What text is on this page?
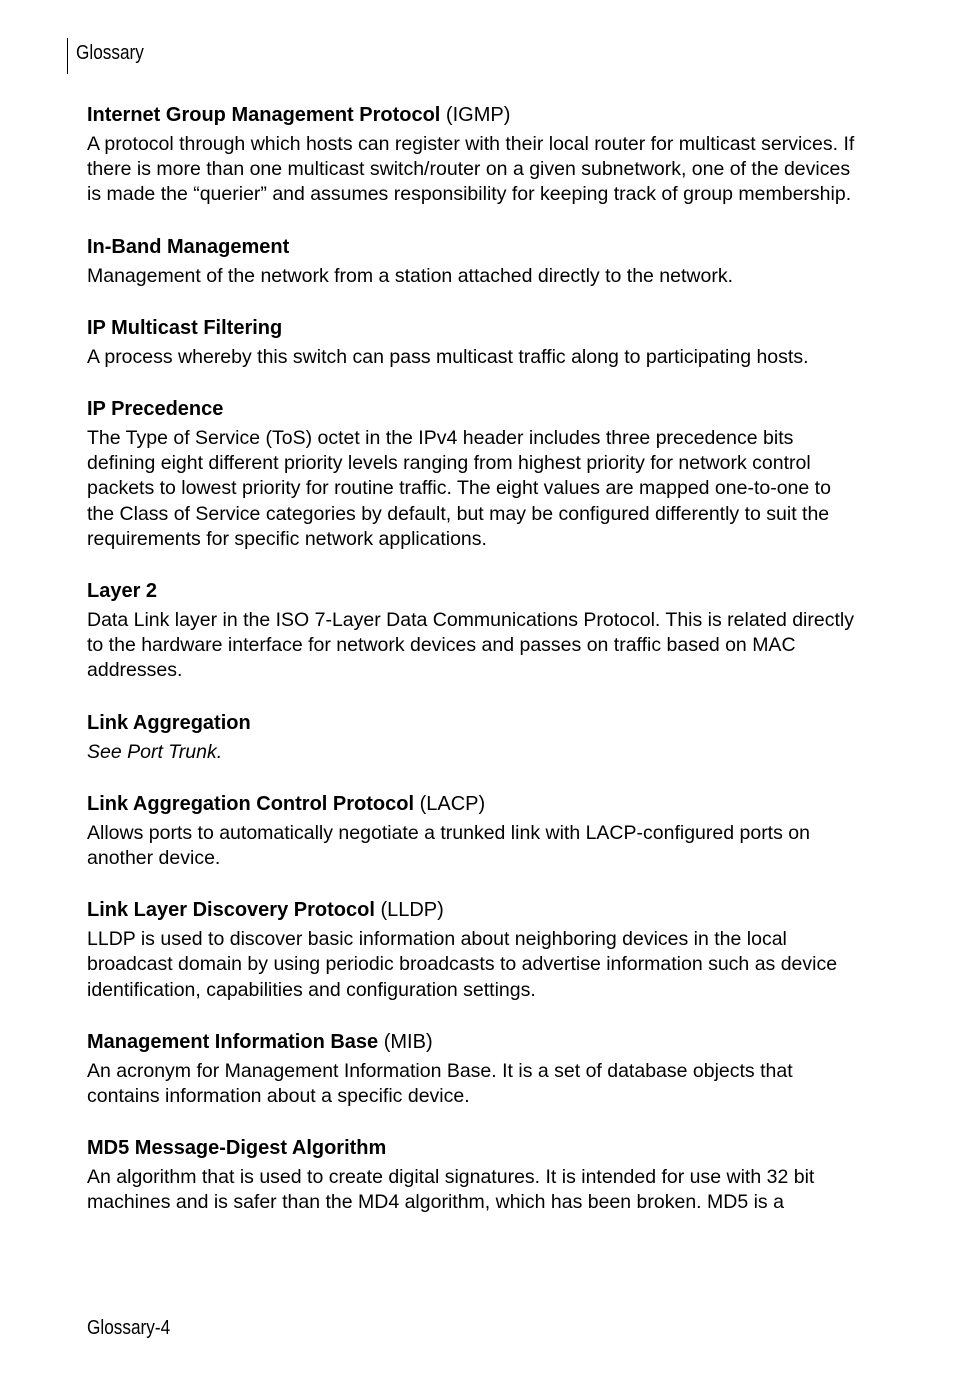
Glossary
Internet Group Management Protocol (IGMP)

A protocol through which hosts can register with their local router for multicast services. If there is more than one multicast switch/router on a given subnetwork, one of the devices is made the “querier” and assumes responsibility for keeping track of group membership.

In-Band Management

Management of the network from a station attached directly to the network.

IP Multicast Filtering

A process whereby this switch can pass multicast traffic along to participating hosts.

IP Precedence

The Type of Service (ToS) octet in the IPv4 header includes three precedence bits defining eight different priority levels ranging from highest priority for network control packets to lowest priority for routine traffic. The eight values are mapped one-to-one to the Class of Service categories by default, but may be configured differently to suit the requirements for specific network applications.

Layer 2

Data Link layer in the ISO 7-Layer Data Communications Protocol. This is related directly to the hardware interface for network devices and passes on traffic based on MAC addresses.

Link Aggregation

See Port Trunk.

Link Aggregation Control Protocol (LACP)

Allows ports to automatically negotiate a trunked link with LACP-configured ports on another device.

Link Layer Discovery Protocol (LLDP)

LLDP is used to discover basic information about neighboring devices in the local broadcast domain by using periodic broadcasts to advertise information such as device identification, capabilities and configuration settings.

Management Information Base (MIB)

An acronym for Management Information Base. It is a set of database objects that contains information about a specific device.

MD5 Message-Digest Algorithm

An algorithm that is used to create digital signatures. It is intended for use with 32 bit machines and is safer than the MD4 algorithm, which has been broken. MD5 is a

Glossary-4
